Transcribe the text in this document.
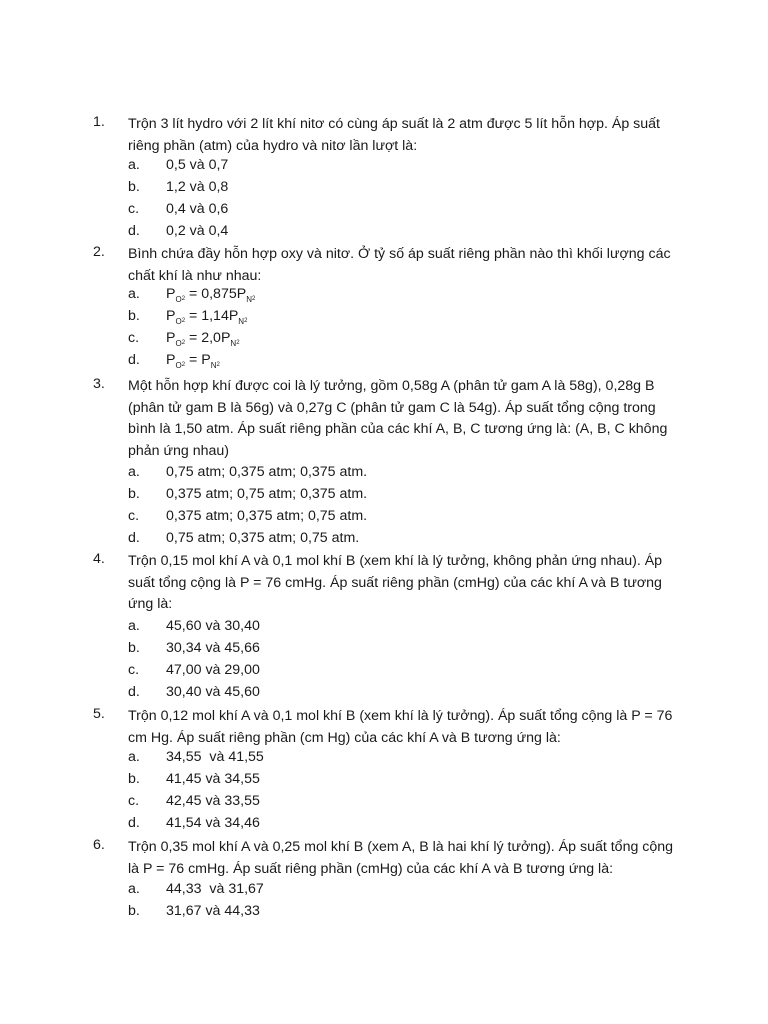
1. Trộn 3 lít hydro với 2 lít khí nitơ có cùng áp suất là 2 atm được 5 lít hỗn hợp. Áp suất riêng phần (atm) của hydro và nitơ lần lượt là:
a. 0,5 và 0,7
b. 1,2 và 0,8
c. 0,4 và 0,6
d. 0,2 và 0,4
2. Bình chứa đầy hỗn hợp oxy và nitơ. Ở tỷ số áp suất riêng phần nào thì khối lượng các chất khí là như nhau:
a. $P_O2 = 0,875P_N2$
b. $P_O2 = 1,14P_N2$
c. $P_O2 = 2,0P_N2$
d. $P_O2 = P_N2$
3. Một hỗn hợp khí được coi là lý tưởng, gồm 0,58g A (phân tử gam A là 58g), 0,28g B (phân tử gam B là 56g) và 0,27g C (phân tử gam C là 54g). Áp suất tổng cộng trong bình là 1,50 atm. Áp suất riêng phần của các khí A, B, C tương ứng là: (A, B, C không phản ứng nhau)
a. 0,75 atm; 0,375 atm; 0,375 atm.
b. 0,375 atm; 0,75 atm; 0,375 atm.
c. 0,375 atm; 0,375 atm; 0,75 atm.
d. 0,75 atm; 0,375 atm; 0,75 atm.
4. Trộn 0,15 mol khí A và 0,1 mol khí B (xem khí là lý tưởng, không phản ứng nhau). Áp suất tổng cộng là P = 76 cmHg. Áp suất riêng phần (cmHg) của các khí A và B tương ứng là:
a. 45,60 và 30,40
b. 30,34 và 45,66
c. 47,00 và 29,00
d. 30,40 và 45,60
5. Trộn 0,12 mol khí A và 0,1 mol khí B (xem khí là lý tưởng). Áp suất tổng cộng là P = 76 cm Hg. Áp suất riêng phần (cm Hg) của các khí A và B tương ứng là:
a. 34,55  và 41,55
b. 41,45 và 34,55
c. 42,45 và 33,55
d. 41,54 và 34,46
6. Trộn 0,35 mol khí A và 0,25 mol khí B (xem A, B là hai khí lý tưởng). Áp suất tổng cộng là P = 76 cmHg. Áp suất riêng phần (cmHg) của các khí A và B tương ứng là:
a. 44,33  và 31,67
b. 31,67 và 44,33
